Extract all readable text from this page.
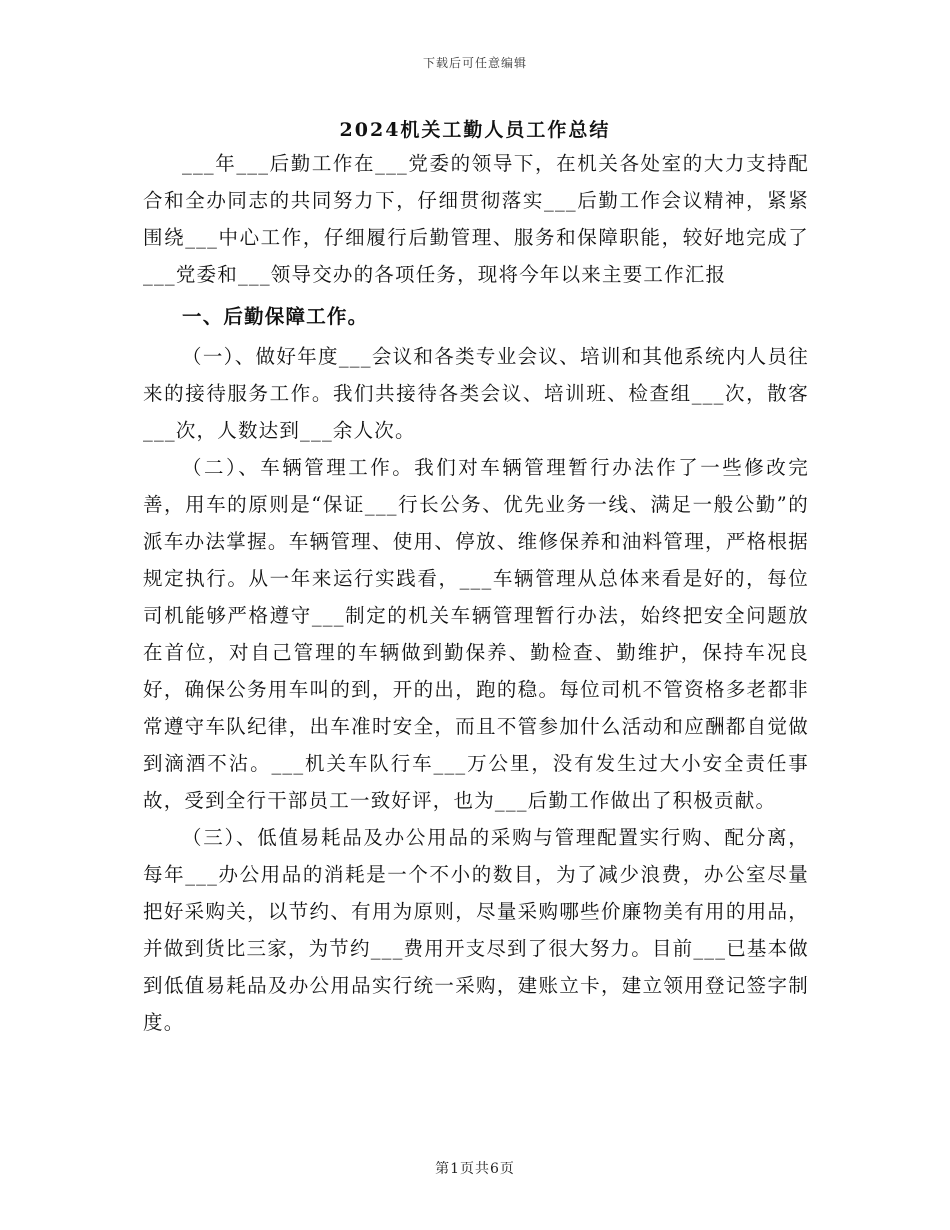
下载后可任意编辑
2024机关工勤人员工作总结

___年___后勤工作在___党委的领导下，在机关各处室的大力支持配合和全办同志的共同努力下，仔细贯彻落实___后勤工作会议精神，紧紧围绕___中心工作，仔细履行后勤管理、服务和保障职能，较好地完成了___党委和___领导交办的各项任务，现将今年以来主要工作汇报

一、后勤保障工作。

（一）、做好年度___会议和各类专业会议、培训和其他系统内人员往来的接待服务工作。我们共接待各类会议、培训班、检查组___次，散客___次，人数达到___余人次。

（二）、车辆管理工作。我们对车辆管理暂行办法作了一些修改完善，用车的原则是“保证___行长公务、优先业务一线、满足一般公勤”的派车办法掌握。车辆管理、使用、停放、维修保养和油料管理，严格根据规定执行。从一年来运行实践看，___车辆管理从总体来看是好的，每位司机能够严格遵守___制定的机关车辆管理暂行办法，始终把安全问题放在首位，对自己管理的车辆做到勤保养、勤检查、勤维护，保持车况良好，确保公务用车叫的到，开的出，跑的稳。每位司机不管资格多老都非常遵守车队纪律，出车准时安全，而且不管参加什么活动和应酬都自觉做到滴酒不沾。___机关车队行车___万公里，没有发生过大小安全责任事故，受到全行干部员工一致好评，也为___后勤工作做出了积极贡献。

（三）、低值易耗品及办公用品的采购与管理配置实行购、配分离，每年___办公用品的消耗是一个不小的数目，为了减少浪费，办公室尽量把好采购关，以节约、有用为原则，尽量采购哪些价廉物美有用的用品，并做到货比三家，为节约___费用开支尽到了很大努力。目前___已基本做到低值易耗品及办公用品实行统一采购，建账立卡，建立领用登记签字制度。

第1页共6页
